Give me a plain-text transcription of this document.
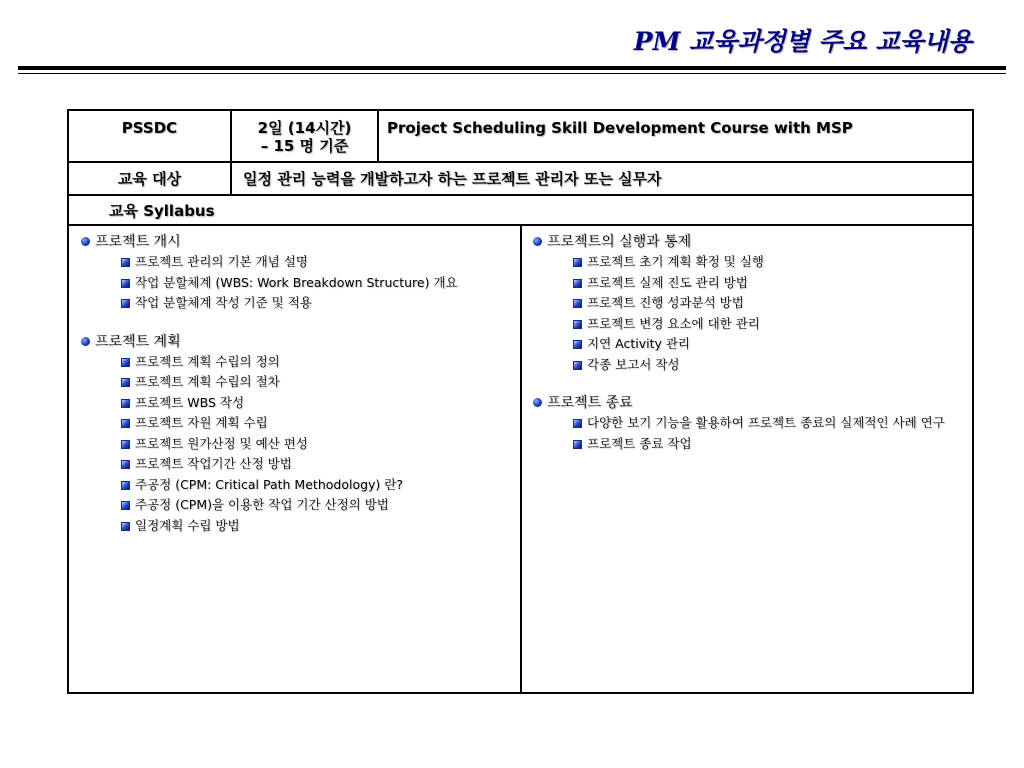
PM 교육과정별 주요 교육내용
PSSDC	2일 (14시간)
– 15 명 기준
Project Scheduling Skill Development Course with MSP
교육 대상	일정 관리 능력을 개발하고자 하는 프로젝트 관리자 또는 실무자
교육 Syllabus
프로젝트 개시
프로젝트 관리의 기본 개념 설명
작업 분할체계 (WBS: Work Breakdown Structure) 개요
작업 분할체계 작성 기준 및 적용
프로젝트 계획
프로젝트 계획 수립의 정의
프로젝트 계획 수립의 절차
프로젝트 WBS 작성
프로젝트 자원 계획 수립
프로젝트 원가산정 및 예산 편성
프로젝트 작업기간 산정 방법
주공정 (CPM: Critical Path Methodology) 란?
주공정 (CPM)을 이용한 작업 기간 산정의 방법
일정계획 수립 방법
프로젝트의 실행과 통제
프로젝트 초기 계획 확정 및 실행
프로젝트 실제 진도 관리 방법
프로젝트 진행 성과분석 방법
프로젝트 변경 요소에 대한 관리
지연 Activity 관리
각종 보고서 작성
프로젝트 종료
다양한 보기 기능을 활용하여 프로젝트 종료의 실제적인 사례 연구
프로젝트 종료 작업
